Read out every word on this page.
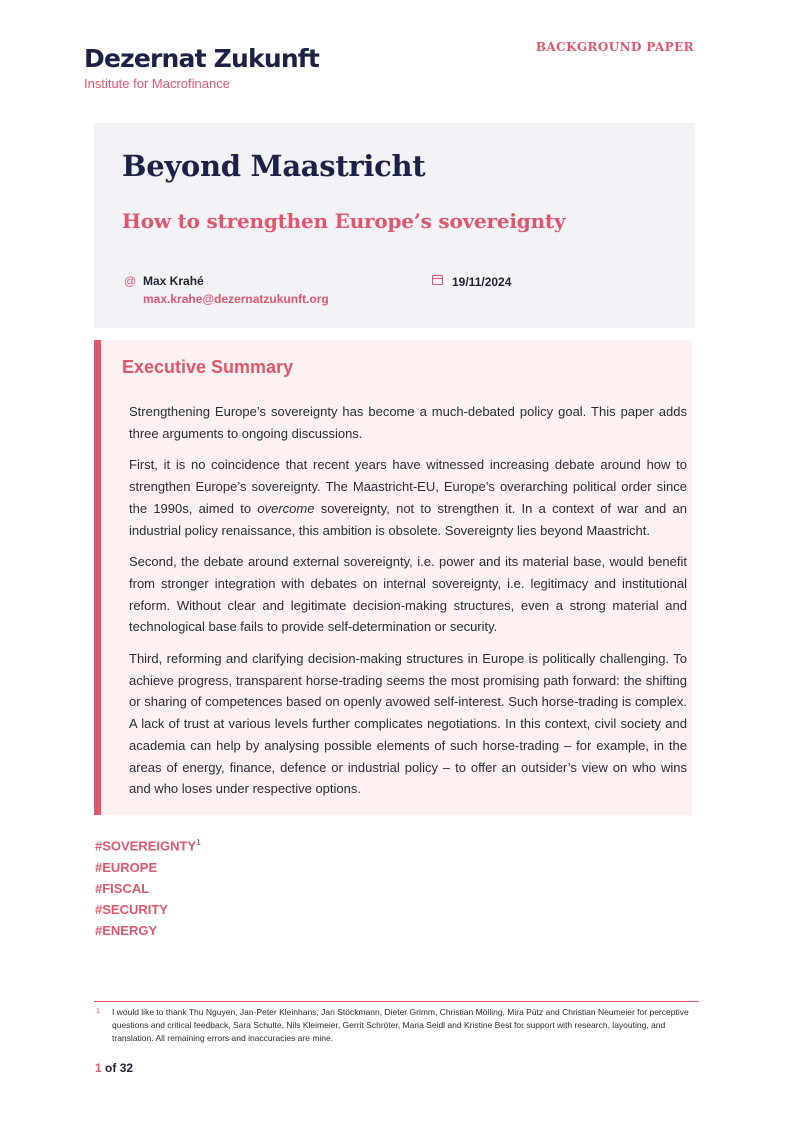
Dezernat Zukunft
Institute for Macrofinance
BACKGROUND PAPER
Beyond Maastricht
How to strengthen Europe’s sovereignty
@ Max Krahé
max.krahe@dezernatzukunft.org
19/11/2024
Executive Summary

Strengthening Europe’s sovereignty has become a much-debated policy goal. This paper adds three arguments to ongoing discussions.

First, it is no coincidence that recent years have witnessed increasing debate around how to strengthen Europe’s sovereignty. The Maastricht-EU, Europe’s overarching political order since the 1990s, aimed to overcome sovereignty, not to strengthen it. In a context of war and an industrial policy renaissance, this ambition is obsolete. Sovereignty lies beyond Maastricht.

Second, the debate around external sovereignty, i.e. power and its material base, would benefit from stronger integration with debates on internal sovereignty, i.e. legitimacy and institutional reform. Without clear and legitimate decision-making structures, even a strong material and technological base fails to provide self-determination or security.

Third, reforming and clarifying decision-making structures in Europe is politically challenging. To achieve progress, transparent horse-trading seems the most promising path forward: the shifting or sharing of competences based on openly avowed self-interest. Such horse-trading is complex. A lack of trust at various levels further complicates negotiations. In this context, civil society and academia can help by analysing possible elements of such horse-trading – for example, in the areas of energy, finance, defence or industrial policy – to offer an outsider’s view on who wins and who loses under respective options.

#SOVEREIGNTY$^1$
#EUROPE
#FISCAL
#SECURITY
#ENERGY
1 I would like to thank Thu Nguyen, Jan-Peter Kleinhans, Jan Stöckmann, Dieter Grimm, Christian Mölling, Mira Pütz and Christian Neumeier for perceptive questions and critical feedback, Sara Schulte, Nils Kleimeier, Gerrit Schröter, Maria Seidl and Kristine Best for support with research, layouting, and translation. All remaining errors and inaccuracies are mine.
1 of 32
